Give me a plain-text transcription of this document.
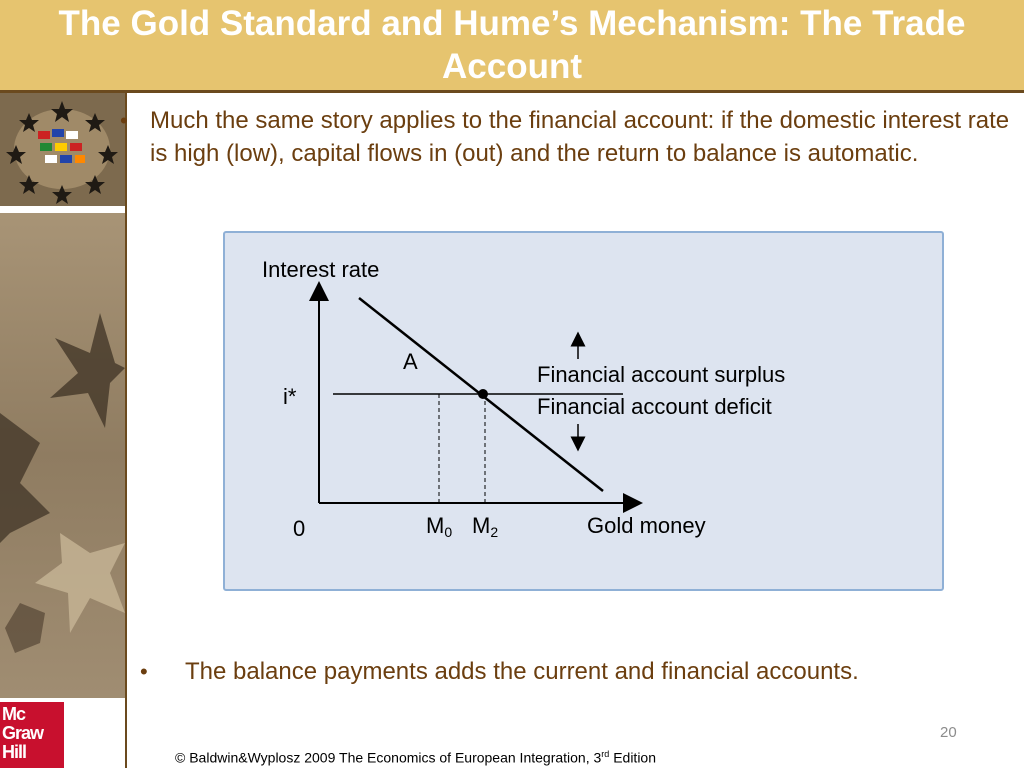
The Gold Standard and Hume’s Mechanism: The Trade Account
Mc
Graw
Hill
• Much the same story applies to the financial account: if the domestic interest rate is high (low), capital flows in (out) and the return to balance is automatic.
Interest rate
A
i*
Financial account surplus
Financial account deficit
0	$M_0$ $M_2$	Gold money
•	The balance payments adds the current and financial accounts.
20
© Baldwin&Wyplosz 2009 The Economics of European Integration, 3rd Edition
